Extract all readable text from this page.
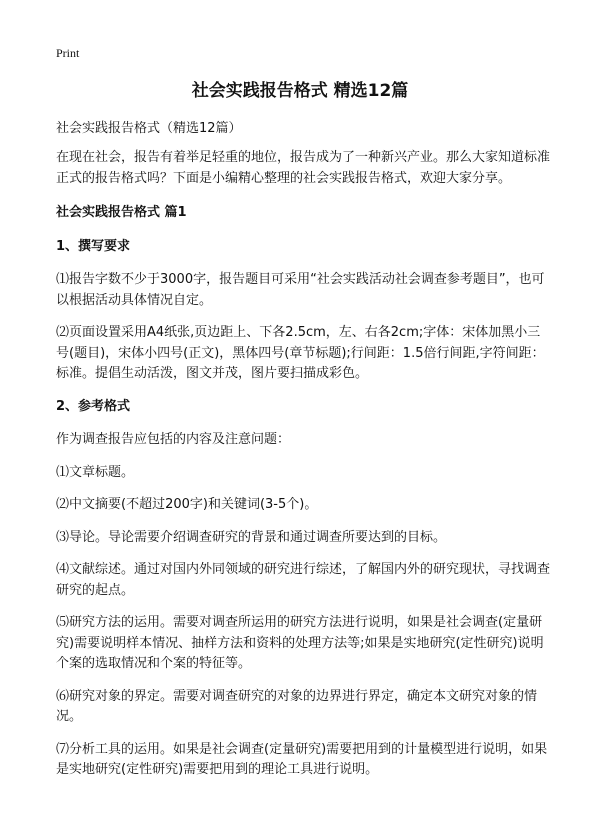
Print
社会实践报告格式 精选12篇
社会实践报告格式（精选12篇）

在现在社会，报告有着举足轻重的地位，报告成为了一种新兴产业。那么大家知道标准正式的报告格式吗？下面是小编精心整理的社会实践报告格式，欢迎大家分享。

社会实践报告格式 篇1

1、撰写要求

⑴报告字数不少于3000字，报告题目可采用“社会实践活动社会调查参考题目”，也可以根据活动具体情况自定。

⑵页面设置采用A4纸张,页边距上、下各2.5cm，左、右各2cm;字体：宋体加黑小三号(题目)，宋体小四号(正文)，黑体四号(章节标题);行间距：1.5倍行间距,字符间距：标准。提倡生动活泼，图文并茂，图片要扫描成彩色。

2、参考格式

作为调查报告应包括的内容及注意问题：

⑴文章标题。

⑵中文摘要(不超过200字)和关键词(3-5个)。

⑶导论。导论需要介绍调查研究的背景和通过调查所要达到的目标。

⑷文献综述。通过对国内外同领域的研究进行综述，了解国内外的研究现状，寻找调查研究的起点。

⑸研究方法的运用。需要对调查所运用的研究方法进行说明，如果是社会调查(定量研究)需要说明样本情况、抽样方法和资料的处理方法等;如果是实地研究(定性研究)说明个案的选取情况和个案的特征等。

⑹研究对象的界定。需要对调查研究的对象的边界进行界定，确定本文研究对象的情况。

⑺分析工具的运用。如果是社会调查(定量研究)需要把用到的计量模型进行说明，如果是实地研究(定性研究)需要把用到的理论工具进行说明。
